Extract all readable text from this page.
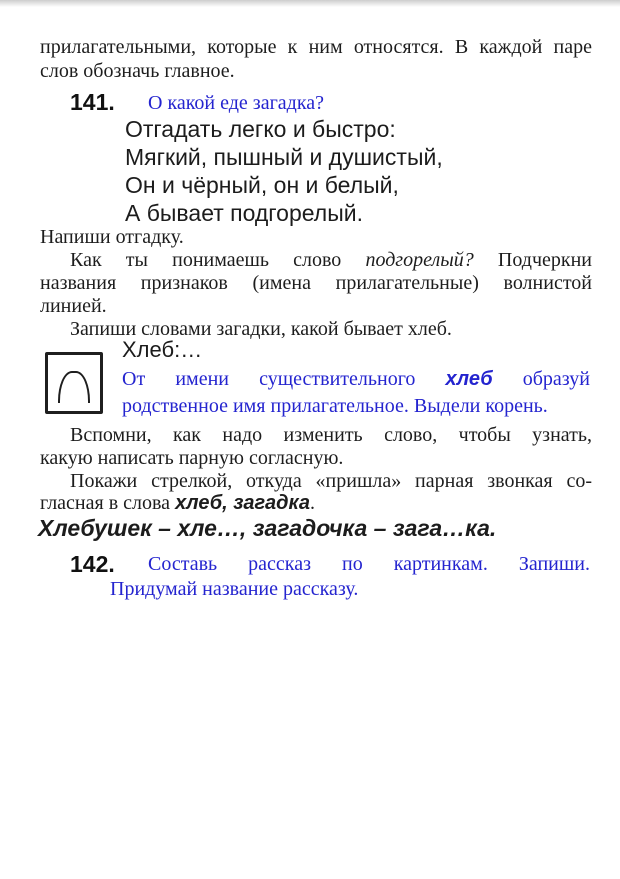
прилагательными, которые к ним относятся. В каждой паре
слов обозначь главное.
141. О какой еде загадка?
Отгадать легко и быстро:
Мягкий, пышный и душистый,
Он и чёрный, он и белый,
А бывает подгорелый.
Напиши отгадку.
Как ты понимаешь слово подгорелый? Подчеркни
названия признаков (имена прилагательные) волнистой
линией.
Запиши словами загадки, какой бывает хлеб.
Хлеб:…
От имени существительного хлеб образуй
родственное имя прилагательное. Выдели корень.
Вспомни, как надо изменить слово, чтобы узнать,
какую написать парную согласную.
Покажи стрелкой, откуда «пришла» парная звонкая со-
гласная в слова хлеб, загадка.
Хлебушек – хле…, загадочка – зага…ка.
142. Составь рассказ по картинкам. Запиши.
Придумай название рассказу.
